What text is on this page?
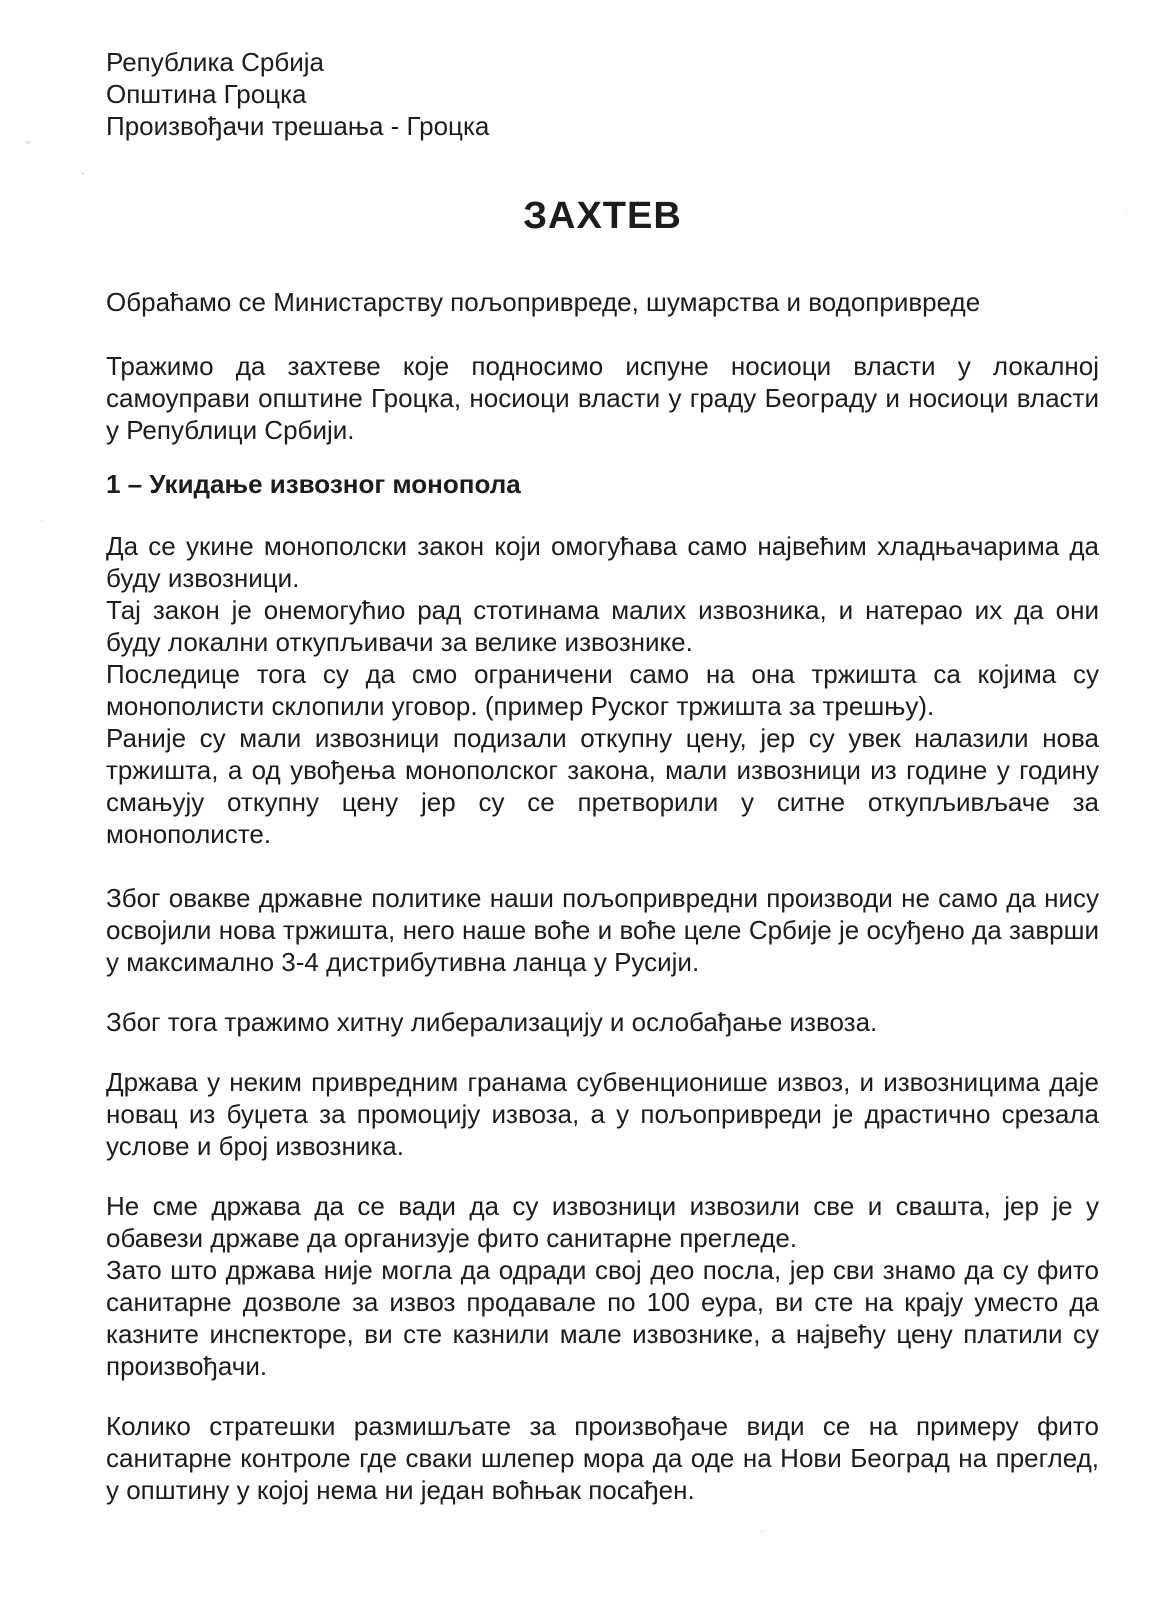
Република Србија
Општина Гроцка
Произвођачи трешања - Гроцка
ЗАХТЕВ

Обраћамо се Министарству пољопривреде, шумарства и водопривреде

Тражимо да захтеве које подносимо испуне носиоци власти у локалној самоуправи општине Гроцка, носиоци власти у граду Београду и носиоци власти у Републици Србији.

1 – Укидање извозног монопола

Да се укине монополски закон који омогућава само највећим хладњачарима да буду извозници.

Тај закон је онемогућио рад стотинама малих извозника, и натерао их да они буду локални откупљивачи за велике извознике.

Последице тога су да смо ограничени само на она тржишта са којима су монополисти склопили уговор. (пример Руског тржишта за трешњу).

Раније су мали извозници подизали откупну цену, јер су увек налазили нова тржишта, а од увођења монополског закона, мали извозници из године у годину смањују откупну цену јер су се претворили у ситне откупљивљаче за монополисте.

Због овакве државне политике наши пољопривредни производи не само да нису освојили нова тржишта, него наше воће и воће целе Србије је осуђено да заврши у максимално 3-4 дистрибутивна ланца у Русији.

Због тога тражимо хитну либерализацију и ослобађање извоза.

Држава у неким привредним гранама субвенционише извоз, и извозницима даје новац из буџета за промоцију извоза, а у пољопривреди је драстично срезала услове и број извозника.

Не сме држава да се вади да су извозници извозили све и свашта, јер је у обавези државе да организује фито санитарне прегледе.

Зато што држава није могла да одради свој део посла, јер сви знамо да су фито санитарне дозволе за извоз продавале по 100 еура, ви сте на крају уместо да казните инспекторе, ви сте казнили мале извознике, а највећу цену платили су произвођачи.

Колико стратешки размишљате за произвођаче види се на примеру фито санитарне контроле где сваки шлепер мора да оде на Нови Београд на преглед, у општину у којој нема ни један воћњак посађен.
